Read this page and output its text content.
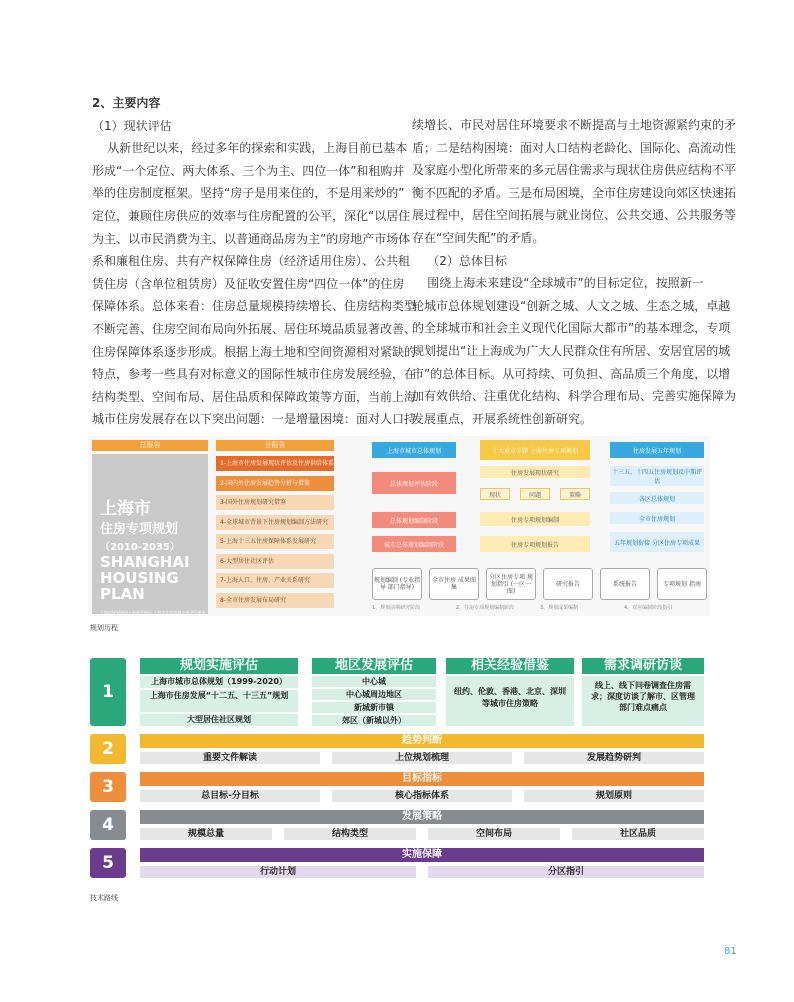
2、主要内容

（1）现状评估

从新世纪以来，经过多年的探索和实践，上海目前已基本
形成“一个定位、两大体系、三个为主、四位一体”和租购并
举的住房制度框架。坚持“房子是用来住的，不是用来炒的”
定位，兼顾住房供应的效率与住房配置的公平，深化“以居住
为主、以市民消费为主、以普通商品房为主”的房地产市场体
系和廉租住房、共有产权保障住房（经济适用住房）、公共租
赁住房（含单位租赁房）及征收安置住房“四位一体”的住房
保障体系。总体来看：住房总量规模持续增长、住房结构类型
不断完善、住房空间布局向外拓展、居住环境品质显著改善、
住房保障体系逐步形成。根据上海土地和空间资源相对紧缺的
特点，参考一些具有对标意义的国际性城市住房发展经验，在
结构类型、空间布局、居住品质和保障政策等方面，当前上海
城市住房发展存在以下突出问题：一是增量困境：面对人口持
续增长、市民对居住环境要求不断提高与土地资源紧约束的矛
盾；二是结构困境：面对人口结构老龄化、国际化、高流动性
及家庭小型化所带来的多元居住需求与现状住房供应结构不平
衡不匹配的矛盾。三是布局困境，全市住房建设向郊区快速拓
展过程中，居住空间拓展与就业岗位、公共交通、公共服务等
存在“空间失配”的矛盾。
（2）总体目标
围绕上海未来建设“全球城市”的目标定位，按照新一
轮城市总体规划建设“创新之城、人文之城、生态之城，卓越
的全球城市和社会主义现代化国际大都市”的基本理念，专项
规划提出“让上海成为广大人民群众住有所居、安居宜居的城
市”的总体目标。从可持续、可负担、高品质三个角度，以增
加有效供给、注重优化结构、科学合理布局、完善实施保障为
发展重点，开展系统性创新研究。
总报告	分报告
上海市
住房专项规划
（2010-2035）
SHANGHAI HOUSING PLAN
上海市规划和国土资源管理局 上海市住房和城乡建设管理委员会
1-上海市住房发展现状评估及住房供给体系
2-国内外住房发展趋势分析与借鉴
3-国外住房规划研究借鉴
4-全球城市背景下住房规划编制方法研究
5-上海十三五住房保障体系发展研究
6-大型居住社区评估
7-上海人口、住房、产业关系研究
8-全市住房发展布局研究
上海市城市总体规划
总体规划评估阶段
总体规划编制阶段
城市总体规划编制阶段
十大重点专题 上海住房专项规划
住房发展现状研究
现状	问题	策略
住房专项规划编制
住房专项规划报告
住房发展五年规划
十三五、十四五住房规划及中期评估
各区总体规划
全市住房规划
五年规划衔接 分区住房专项成果
规划编制 (专业指导 部门指导)
全市住房 成果图集
分区住房专项 规划指引 (一区一图)
研究报告	系统报告	专项规划 指南
1、规划前期研究阶段	2、住房专项规划编制阶段	3、规划成果编制	4、对应编制阶段指引
规划历程
1
规划实施评估	地区发展评估	相关经验借鉴	需求调研访谈
上海市城市总体规划（1999-2020）
上海市住房发展“十二五、十三五”规划
大型居住社区规划
中心城
中心城周边地区
新城新市镇
郊区（新城以外）
纽约、伦敦、香港、北京、深圳等城市住房策略
线上、线下问卷调查住房需求；深度访谈了解市、区管理部门难点痛点
2	趋势判断
重要文件解读	上位规划梳理	发展趋势研判
3	目标指标
总目标-分目标	核心指标体系	规划原则
4	发展策略
规模总量	结构类型	空间布局	社区品质
5	实施保障
行动计划	分区指引
技术路线
81
